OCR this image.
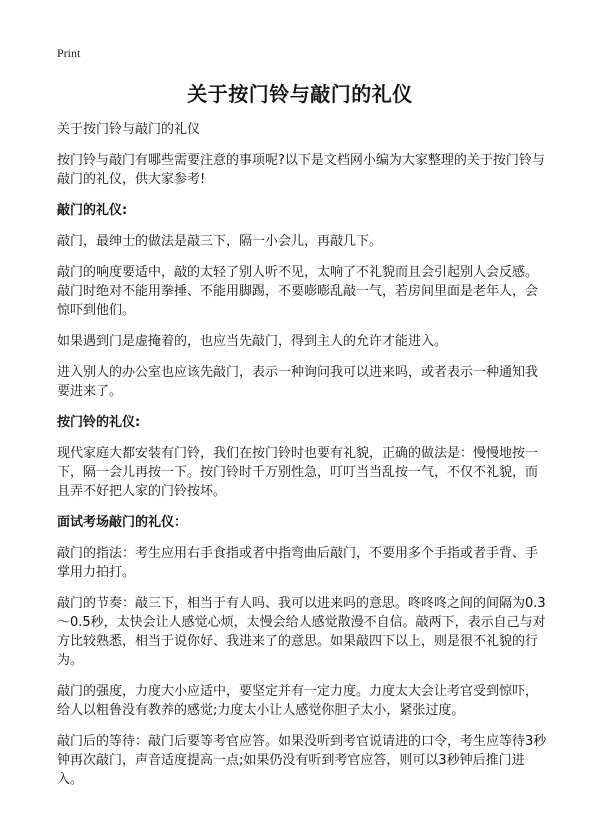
Print
关于按门铃与敲门的礼仪

关于按门铃与敲门的礼仪

按门铃与敲门有哪些需要注意的事项呢?以下是文档网小编为大家整理的关于按门铃与敲门的礼仪，供大家参考!

敲门的礼仪:

敲门，最绅士的做法是敲三下，隔一小会儿，再敲几下。

敲门的响度要适中，敲的太轻了别人听不见，太响了不礼貌而且会引起别人会反感。敲门时绝对不能用拳捶、不能用脚踢，不要嘭嘭乱敲一气，若房间里面是老年人，会惊吓到他们。

如果遇到门是虚掩着的，也应当先敲门，得到主人的允许才能进入。

进入别人的办公室也应该先敲门，表示一种询问我可以进来吗，或者表示一种通知我要进来了。

按门铃的礼仪:

现代家庭大都安装有门铃，我们在按门铃时也要有礼貌，正确的做法是：慢慢地按一下，隔一会儿再按一下。按门铃时千万别性急，叮叮当当乱按一气，不仅不礼貌，而且弄不好把人家的门铃按坏。

面试考场敲门的礼仪：

敲门的指法：考生应用右手食指或者中指弯曲后敲门，不要用多个手指或者手背、手掌用力拍打。

敲门的节奏：敲三下，相当于有人吗、我可以进来吗的意思。咚咚咚之间的间隔为0.3～0.5秒，太快会让人感觉心烦，太慢会给人感觉散漫不自信。敲两下，表示自己与对方比较熟悉，相当于说你好、我进来了的意思。如果敲四下以上，则是很不礼貌的行为。

敲门的强度，力度大小应适中，要坚定并有一定力度。力度太大会让考官受到惊吓，给人以粗鲁没有教养的感觉;力度太小让人感觉你胆子太小，紧张过度。

敲门后的等待：敲门后要等考官应答。如果没听到考官说请进的口令，考生应等待3秒钟再次敲门，声音适度提高一点;如果仍没有听到考官应答，则可以3秒钟后推门进入。
